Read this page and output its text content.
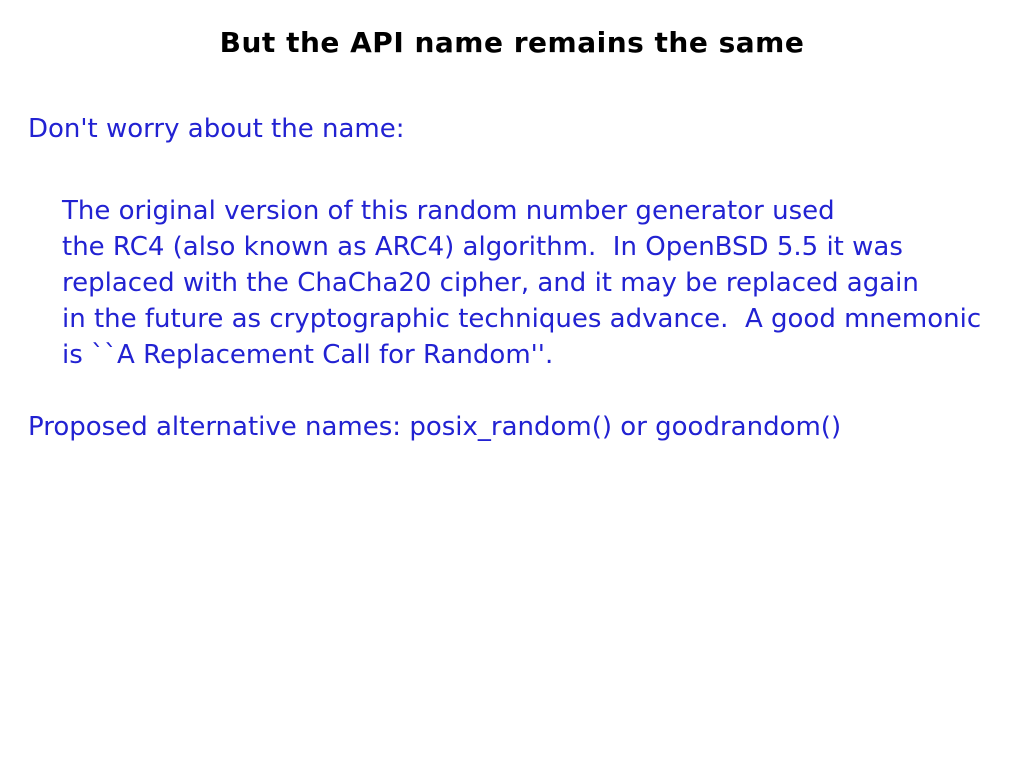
But the API name remains the same
Don't worry about the name:
The original version of this random number generator used
the RC4 (also known as ARC4) algorithm.  In OpenBSD 5.5 it was
replaced with the ChaCha20 cipher, and it may be replaced again
in the future as cryptographic techniques advance.  A good mnemonic
is ``A Replacement Call for Random''.
Proposed alternative names: posix_random() or goodrandom()
